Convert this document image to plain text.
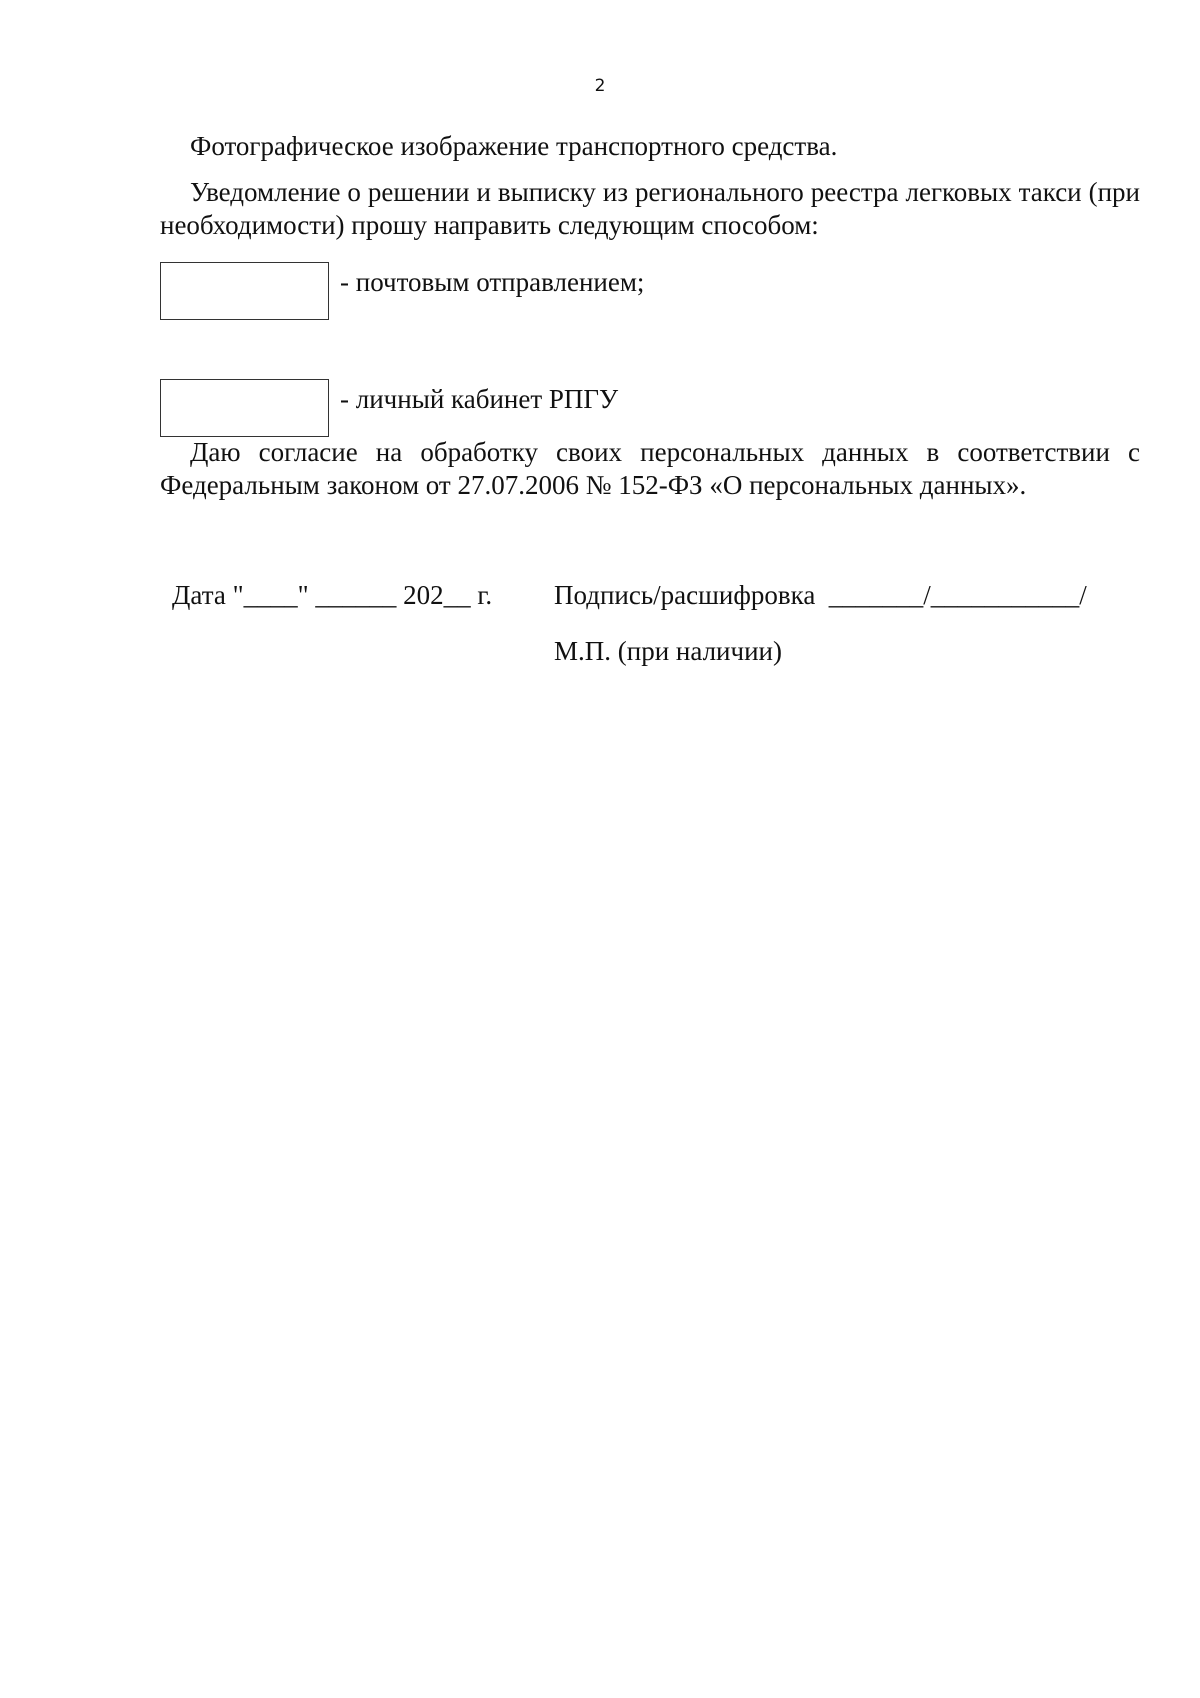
2

Фотографическое изображение транспортного средства.

Уведомление о решении и выписку из регионального реестра легковых такси (при необходимости) прошу направить следующим способом:

- почтовым отправлением;
- личный кабинет РПГУ

Даю согласие на обработку своих персональных данных в соответствии с Федеральным законом от 27.07.2006 № 152-ФЗ «О персональных данных».

Дата "____" ______ 202__ г. Подпись/расшифровка  _______/___________/
М.П. (при наличии)
